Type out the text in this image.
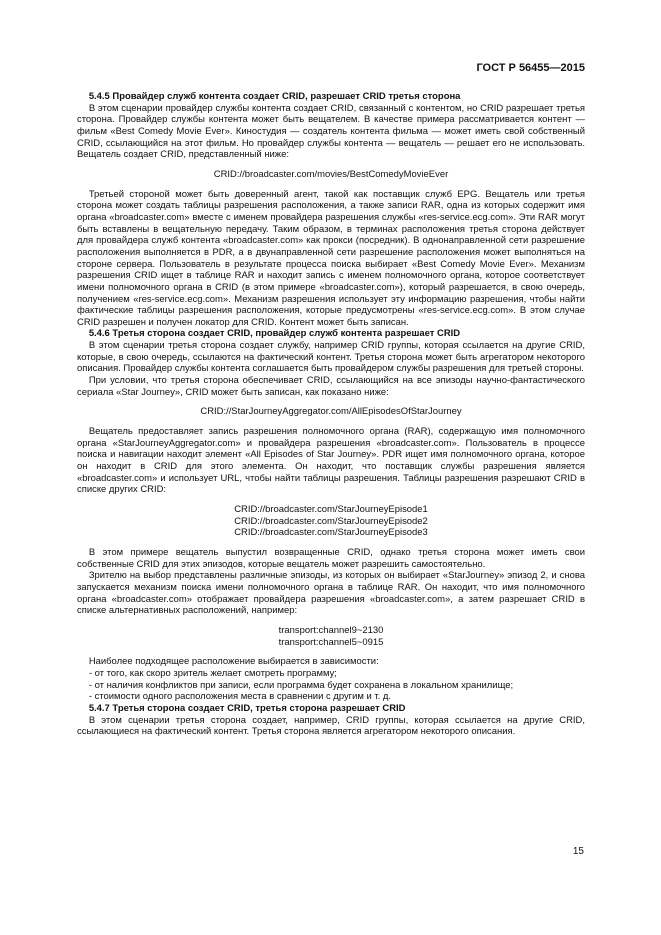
ГОСТ Р 56455—2015

5.4.5 Провайдер служб контента создает CRID, разрешает CRID третья сторона

В этом сценарии провайдер службы контента создает CRID, связанный с контентом, но CRID разрешает третья сторона. Провайдер службы контента может быть вещателем. В качестве примера рассматривается контент — фильм «Best Comedy Movie Ever». Киностудия — создатель контента фильма — может иметь свой собственный CRID, ссылающийся на этот фильм. Но провайдер службы контента — вещатель — решает его не использовать. Вещатель создает CRID, представленный ниже:

CRID://broadcaster.com/movies/BestComedyMovieEver

Третьей стороной может быть доверенный агент, такой как поставщик служб EPG. Вещатель или третья сторона может создать таблицы разрешения расположения, а также записи RAR, одна из которых содержит имя органа «broadcaster.com» вместе с именем провайдера разрешения службы «res-service.ecg.com». Эти RAR могут быть вставлены в вещательную передачу. Таким образом, в терминах расположения третья сторона действует для провайдера служб контента «broadcaster.com» как прокси (посредник). В однонаправленной сети разрешение расположения выполняется в PDR, а в двунаправленной сети разрешение расположения может выполняться на стороне сервера. Пользователь в результате процесса поиска выбирает «Best Comedy Movie Ever». Механизм разрешения CRID ищет в таблице RAR и находит запись с именем полномочного органа, которое соответствует имени полномочного органа в CRID (в этом примере «broadcaster.com»), который разрешается, в свою очередь, получением «res-service.ecg.com». Механизм разрешения использует эту информацию разрешения, чтобы найти фактические таблицы разрешения расположения, которые предусмотрены «res-service.ecg.com». В этом случае CRID разрешен и получен локатор для CRID. Контент может быть записан.

5.4.6 Третья сторона создает CRID, провайдер служб контента разрешает CRID

В этом сценарии третья сторона создает службу, например CRID группы, которая ссылается на другие CRID, которые, в свою очередь, ссылаются на фактический контент. Третья сторона может быть агрегатором некоторого описания. Провайдер службы контента соглашается быть провайдером службы разрешения для третьей стороны.

При условии, что третья сторона обеспечивает CRID, ссылающийся на все эпизоды научно-фантастического сериала «Star Journey», CRID может быть записан, как показано ниже:

CRID://StarJourneyAggregator.com/AllEpisodesOfStarJourney

Вещатель предоставляет запись разрешения полномочного органа (RAR), содержащую имя полномочного органа «StarJourneyAggregator.com» и провайдера разрешения «broadcaster.com». Пользователь в процессе поиска и навигации находит элемент «All Episodes of Star Journey». PDR ищет имя полномочного органа, которое он находит в CRID для этого элемента. Он находит, что поставщик службы разрешения является «broadcaster.com» и использует URL, чтобы найти таблицы разрешения. Таблицы разрешения разрешают CRID в списке других CRID:

CRID://broadcaster.com/StarJourneyEpisode1

CRID://broadcaster.com/StarJourneyEpisode2

CRID://broadcaster.com/StarJourneyEpisode3

В этом примере вещатель выпустил возвращенные CRID, однако третья сторона может иметь свои собственные CRID для этих эпизодов, которые вещатель может разрешить самостоятельно.

Зрителю на выбор представлены различные эпизоды, из которых он выбирает «StarJourney» эпизод 2, и снова запускается механизм поиска имени полномочного органа в таблице RAR. Он находит, что имя полномочного органа «broadcaster.com» отображает провайдера разрешения «broadcaster.com», а затем разрешает CRID в списке альтернативных расположений, например:

transport:channel9~2130

transport:channel5~0915

Наиболее подходящее расположение выбирается в зависимости:

- от того, как скоро зритель желает смотреть программу;

- от наличия конфликтов при записи, если программа будет сохранена в локальном хранилище;

- стоимости одного расположения места в сравнении с другим и т. д.

5.4.7 Третья сторона создает CRID, третья сторона разрешает CRID

В этом сценарии третья сторона создает, например, CRID группы, которая ссылается на другие CRID, ссылающиеся на фактический контент. Третья сторона является агрегатором некоторого описания.

15
